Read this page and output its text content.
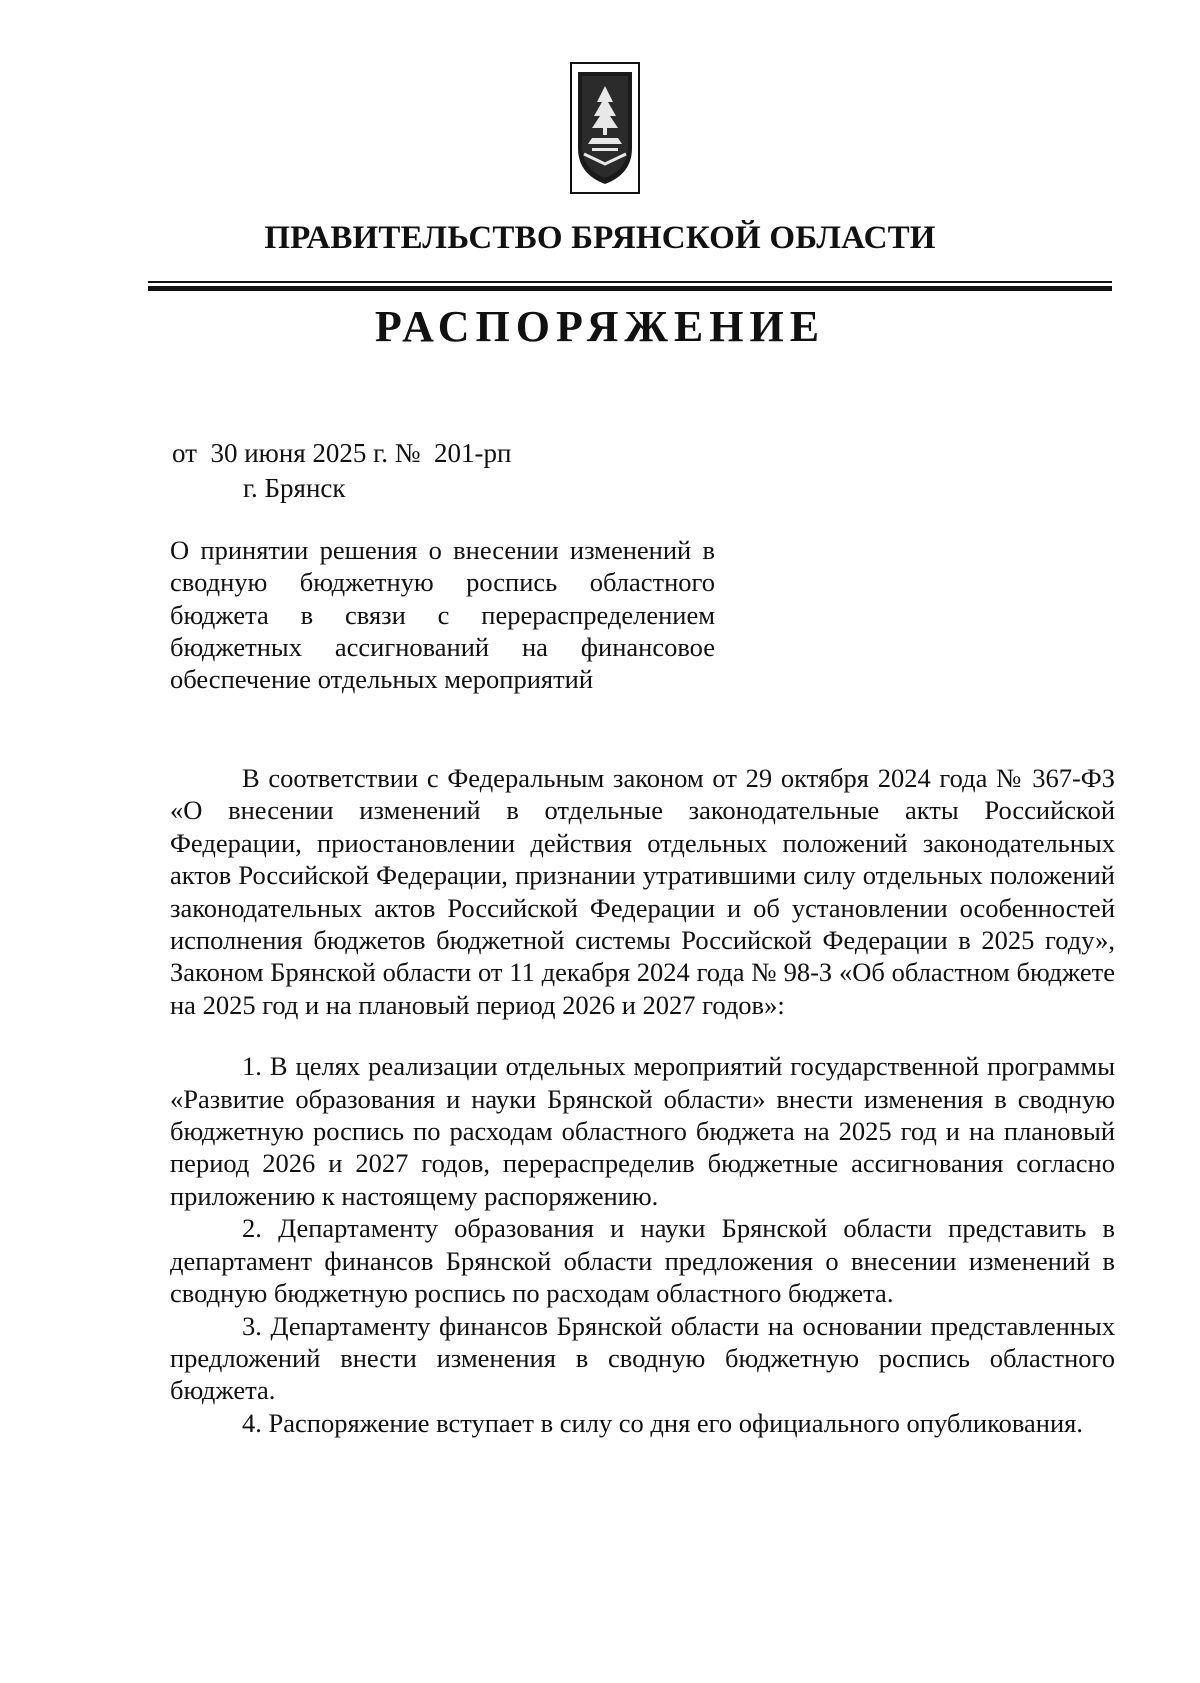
ПРАВИТЕЛЬСТВО БРЯНСКОЙ ОБЛАСТИ
РАСПОРЯЖЕНИЕ
от  30 июня 2025 г. №  201-рп
г. Брянск
О принятии решения о внесении изменений в сводную бюджетную роспись областного бюджета в связи с перераспределением бюджетных ассигнований на финансовое обеспечение отдельных мероприятий

В соответствии с Федеральным законом от 29 октября 2024 года № 367-ФЗ «О внесении изменений в отдельные законодательные акты Российской Федерации, приостановлении действия отдельных положений законодательных актов Российской Федерации, признании утратившими силу отдельных положений законодательных актов Российской Федерации и об установлении особенностей исполнения бюджетов бюджетной системы Российской Федерации в 2025 году», Законом Брянской области от 11 декабря 2024 года № 98-З «Об областном бюджете на 2025 год и на плановый период 2026 и 2027 годов»:

1. В целях реализации отдельных мероприятий государственной программы «Развитие образования и науки Брянской области» внести изменения в сводную бюджетную роспись по расходам областного бюджета на 2025 год и на плановый период 2026 и 2027 годов, перераспределив бюджетные ассигнования согласно приложению к настоящему распоряжению.

2. Департаменту образования и науки Брянской области представить в департамент финансов Брянской области предложения о внесении изменений в сводную бюджетную роспись по расходам областного бюджета.

3. Департаменту финансов Брянской области на основании представленных предложений внести изменения в сводную бюджетную роспись областного бюджета.

4. Распоряжение вступает в силу со дня его официального опубликования.
